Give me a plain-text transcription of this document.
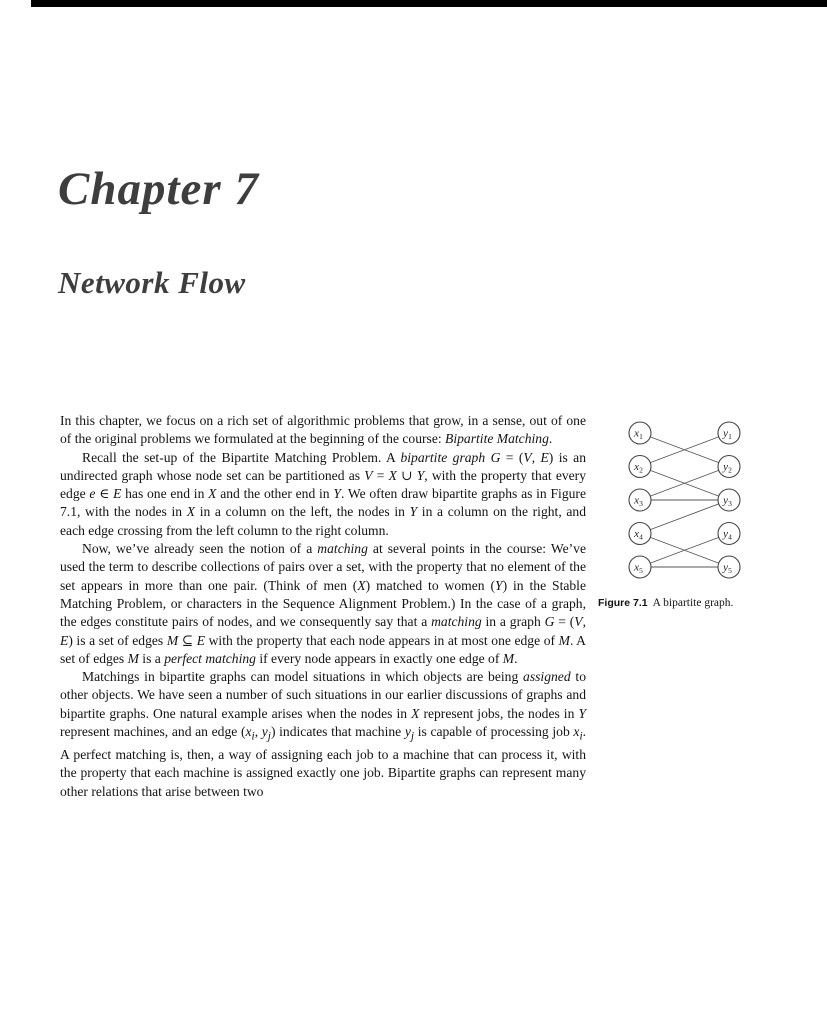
Chapter 7
Network Flow

In this chapter, we focus on a rich set of algorithmic problems that grow, in a sense, out of one of the original problems we formulated at the beginning of the course: Bipartite Matching.

Recall the set-up of the Bipartite Matching Problem. A bipartite graph G = (V, E) is an undirected graph whose node set can be partitioned as V = X ∪ Y, with the property that every edge e ∈ E has one end in X and the other end in Y. We often draw bipartite graphs as in Figure 7.1, with the nodes in X in a column on the left, the nodes in Y in a column on the right, and each edge crossing from the left column to the right column.

Now, we’ve already seen the notion of a matching at several points in the course: We’ve used the term to describe collections of pairs over a set, with the property that no element of the set appears in more than one pair. (Think of men (X) matched to women (Y) in the Stable Matching Problem, or characters in the Sequence Alignment Problem.) In the case of a graph, the edges constitute pairs of nodes, and we consequently say that a matching in a graph G = (V, E) is a set of edges M ⊆ E with the property that each node appears in at most one edge of M. A set of edges M is a perfect matching if every node appears in exactly one edge of M.

Matchings in bipartite graphs can model situations in which objects are being assigned to other objects. We have seen a number of such situations in our earlier discussions of graphs and bipartite graphs. One natural example arises when the nodes in X represent jobs, the nodes in Y represent machines, and an edge ($x_i$, $y_j$) indicates that machine $y_j$ is capable of processing job $x_i$. A perfect matching is, then, a way of assigning each job to a machine that can process it, with the property that each machine is assigned exactly one job. Bipartite graphs can represent many other relations that arise between two

$x_1$
$x_2$
$x_3$
$x_4$
$x_5$
$y_1$
$y_2$
$y_3$
$y_4$
$y_5$
Figure 7.1 A bipartite graph.
